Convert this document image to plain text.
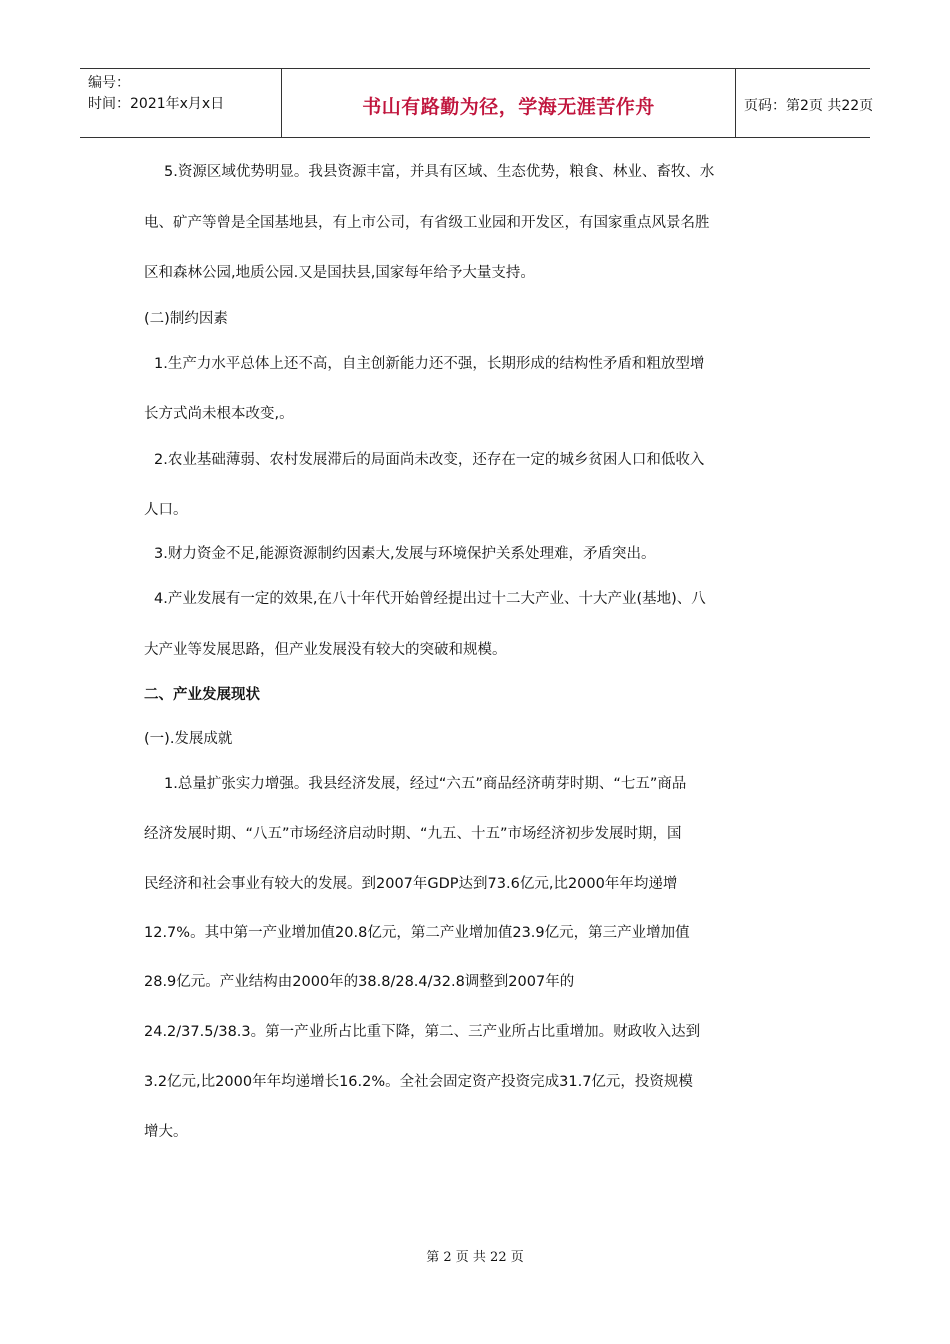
编号：
时间：2021年x月x日	书山有路勤为径，学海无涯苦作舟	页码：第2页 共22页
5.资源区域优势明显。我县资源丰富，并具有区域、生态优势，粮食、林业、畜牧、水
电、矿产等曾是全国基地县，有上市公司，有省级工业园和开发区，有国家重点风景名胜
区和森林公园,地质公园.又是国扶县,国家每年给予大量支持。
(二)制约因素
1.生产力水平总体上还不高，自主创新能力还不强，长期形成的结构性矛盾和粗放型增
长方式尚未根本改变,。
2.农业基础薄弱、农村发展滞后的局面尚未改变，还存在一定的城乡贫困人口和低收入
人口。
3.财力资金不足,能源资源制约因素大,发展与环境保护关系处理难，矛盾突出。
4.产业发展有一定的效果,在八十年代开始曾经提出过十二大产业、十大产业(基地)、八
大产业等发展思路，但产业发展没有较大的突破和规模。
二、产业发展现状
(一).发展成就
1.总量扩张实力增强。我县经济发展，经过“六五”商品经济萌芽时期、“七五”商品
经济发展时期、“八五”市场经济启动时期、“九五、十五”市场经济初步发展时期，国
民经济和社会事业有较大的发展。到2007年GDP达到73.6亿元,比2000年年均递增
12.7%。其中第一产业增加值20.8亿元，第二产业增加值23.9亿元，第三产业增加值
28.9亿元。产业结构由2000年的38.8/28.4/32.8调整到2007年的
24.2/37.5/38.3。第一产业所占比重下降，第二、三产业所占比重增加。财政收入达到
3.2亿元,比2000年年均递增长16.2%。全社会固定资产投资完成31.7亿元，投资规模
增大。
第 2 页 共 22 页
